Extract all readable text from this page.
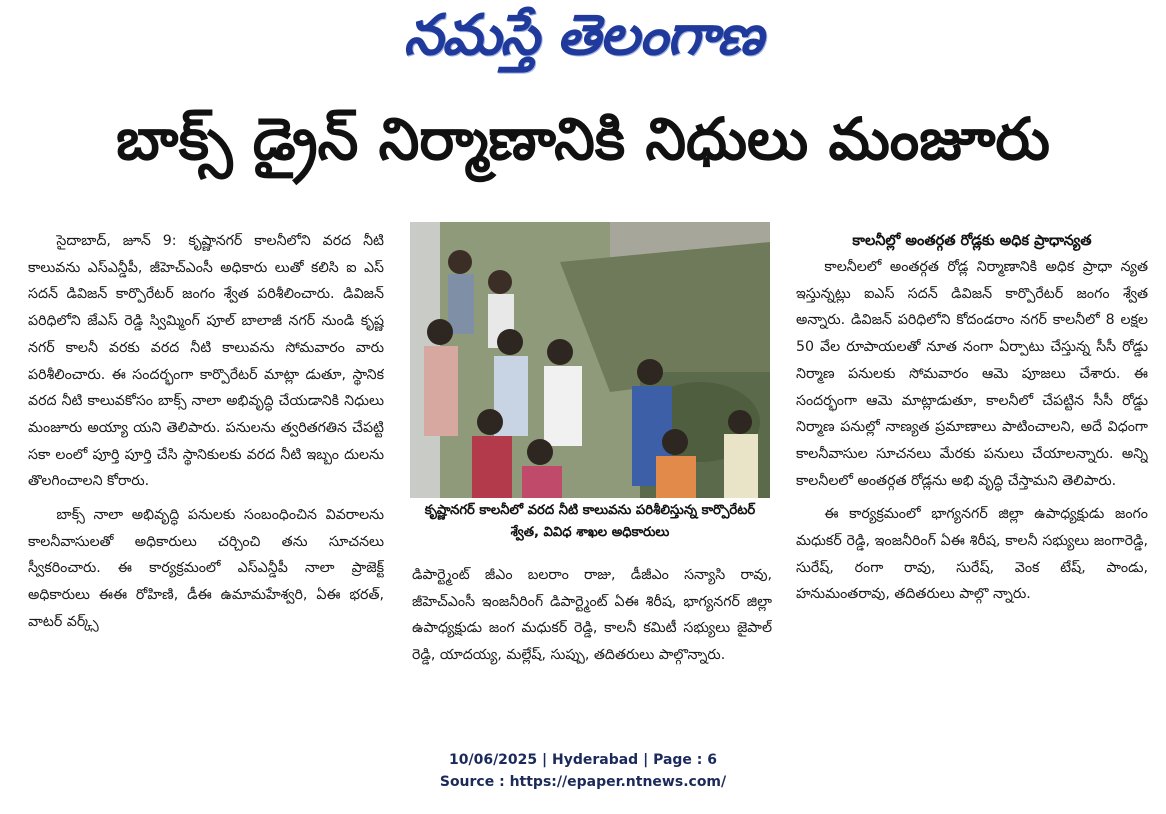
నమస్తే తెలంగాణ
బాక్స్ డ్రైన్ నిర్మాణానికి నిధులు మంజూరు

సైదాబాద్, జూన్ 9: కృష్ణానగర్ కాలనీలోని వరద నీటి కాలువను ఎస్ఎన్డీపీ, జీహెచ్ఎంసీ అధికారు లుతో కలిసి ఐ ఎస్ సదన్ డివిజన్ కార్పొరేటర్ జంగం శ్వేత పరిశీలించారు. డివిజన్ పరిధిలోని జేఎస్ రెడ్డి స్విమ్మింగ్ పూల్ బాలాజీ నగర్ నుండి కృష్ణ నగర్ కాలనీ వరకు వరద నీటి కాలువను సోమవారం వారు పరిశీలించారు. ఈ సందర్భంగా కార్పొరేటర్ మాట్లా డుతూ, స్థానిక వరద నీటి కాలువకోసం బాక్స్ నాలా అభివృద్ధి చేయడానికి నిధులు మంజూరు అయ్యా యని తెలిపారు. పనులను త్వరితగతిన చేపట్టి సకా లంలో పూర్తి పూర్తి చేసి స్థానికులకు వరద నీటి ఇబ్బం దులను తొలగించాలని కోరారు.

బాక్స్ నాలా అభివృద్ధి పనులకు సంబంధించిన వివరాలను కాలనీవాసులతో అధికారులు చర్చించి తను సూచనలు స్వీకరించారు. ఈ కార్యక్రమంలో ఎస్ఎన్డీపీ నాలా ప్రాజెక్ట్ అధికారులు ఈఈ రోహిణి, డీఈ ఉమామహేశ్వరి, ఏఈ భరత్, వాటర్ వర్క్స్

కృష్ణానగర్ కాలనీలో వరద నీటి కాలువను పరిశీలిస్తున్న కార్పొరేటర్ శ్వేత, వివిధ శాఖల అధికారులు

డిపార్ట్మెంట్ జీఎం బలరాం రాజు, డీజీఎం సన్యాసి రావు, జీహెచ్ఎంసీ ఇంజనీరింగ్ డిపార్ట్మెంట్ ఏఈ శిరీష, భాగ్యనగర్ జిల్లా ఉపాధ్యక్షుడు జంగ మధుకర్ రెడ్డి, కాలనీ కమిటీ సభ్యులు జైపాల్ రెడ్డి, యాదయ్య, మల్లేష్, సుప్పు, తదితరులు పాల్గొన్నారు.

కాలనీల్లో అంతర్గత రోడ్లకు అధిక ప్రాధాన్యత

కాలనీలలో అంతర్గత రోడ్ల నిర్మాణానికి అధిక ప్రాధా న్యత ఇస్తున్నట్లు ఐఎస్ సదన్ డివిజన్ కార్పొరేటర్ జంగం శ్వేత అన్నారు. డివిజన్ పరిధిలోని కోదండరాం నగర్ కాలనీలో 8 లక్షల 50 వేల రూపాయలతో నూత నంగా ఏర్పాటు చేస్తున్న సీసీ రోడ్డు నిర్మాణ పనులకు సోమవారం ఆమె పూజలు చేశారు. ఈ సందర్భంగా ఆమె మాట్లాడుతూ, కాలనీలో చేపట్టిన సీసీ రోడ్డు నిర్మాణ పనుల్లో నాణ్యత ప్రమాణాలు పాటించాలని, అదే విధంగా కాలనీవాసుల సూచనలు మేరకు పనులు చేయాలన్నారు. అన్ని కాలనీలలో అంతర్గత రోడ్లను అభి వృద్ధి చేస్తామని తెలిపారు.

ఈ కార్యక్రమంలో భాగ్యనగర్ జిల్లా ఉపాధ్యక్షుడు జంగం మధుకర్ రెడ్డి, ఇంజనీరింగ్ ఏఈ శిరీష, కాలనీ సభ్యులు జంగారెడ్డి, సురేష్, రంగా రావు, సురేష్, వెంక టేష్, పాండు, హనుమంతరావు, తదితరులు పాల్గొ న్నారు.

10/06/2025 | Hyderabad | Page : 6
Source : https://epaper.ntnews.com/
